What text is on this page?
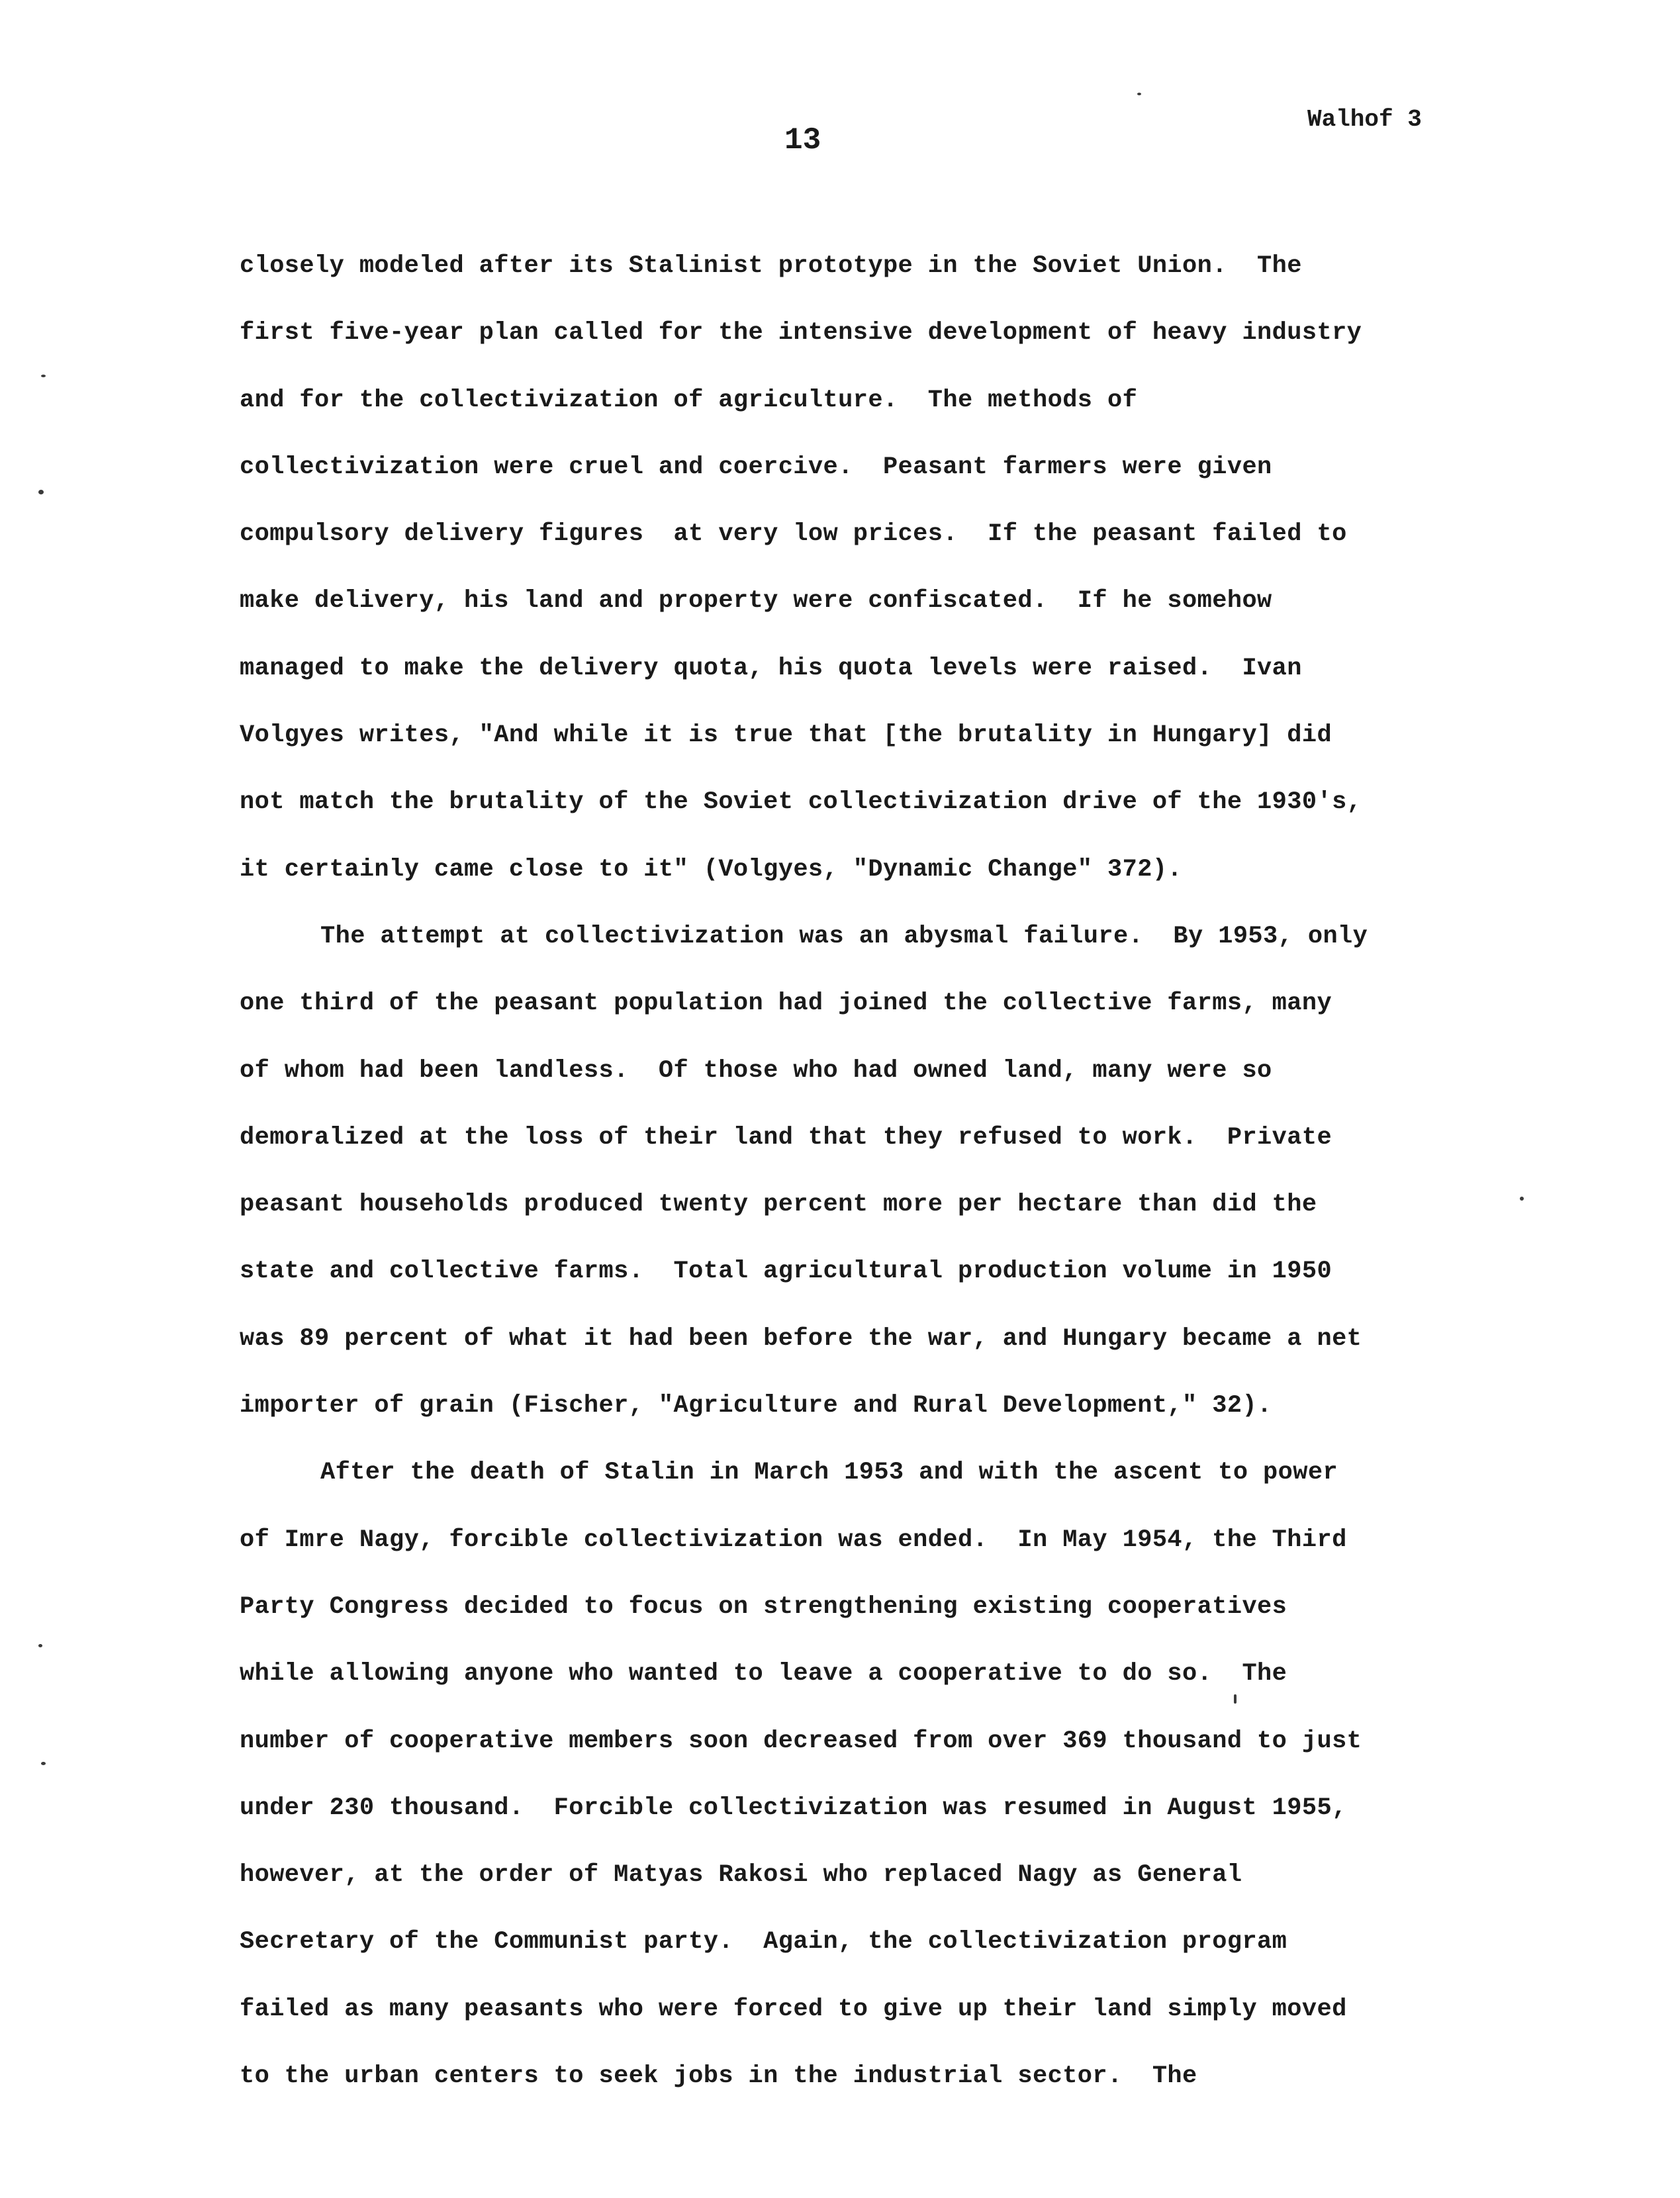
13
Walhof 3
closely modeled after its Stalinist prototype in the Soviet Union.  The
first five-year plan called for the intensive development of heavy industry
and for the collectivization of agriculture.  The methods of
collectivization were cruel and coercive.  Peasant farmers were given
compulsory delivery figures  at very low prices.  If the peasant failed to
make delivery, his land and property were confiscated.  If he somehow
managed to make the delivery quota, his quota levels were raised.  Ivan
Volgyes writes, "And while it is true that [the brutality in Hungary] did
not match the brutality of the Soviet collectivization drive of the 1930's,
it certainly came close to it" (Volgyes, "Dynamic Change" 372).
The attempt at collectivization was an abysmal failure.  By 1953, only
one third of the peasant population had joined the collective farms, many
of whom had been landless.  Of those who had owned land, many were so
demoralized at the loss of their land that they refused to work.  Private
peasant households produced twenty percent more per hectare than did the
state and collective farms.  Total agricultural production volume in 1950
was 89 percent of what it had been before the war, and Hungary became a net
importer of grain (Fischer, "Agriculture and Rural Development," 32).
After the death of Stalin in March 1953 and with the ascent to power
of Imre Nagy, forcible collectivization was ended.  In May 1954, the Third
Party Congress decided to focus on strengthening existing cooperatives
while allowing anyone who wanted to leave a cooperative to do so.  The
number of cooperative members soon decreased from over 369 thousand to just
under 230 thousand.  Forcible collectivization was resumed in August 1955,
however, at the order of Matyas Rakosi who replaced Nagy as General
Secretary of the Communist party.  Again, the collectivization program
failed as many peasants who were forced to give up their land simply moved
to the urban centers to seek jobs in the industrial sector.  The
